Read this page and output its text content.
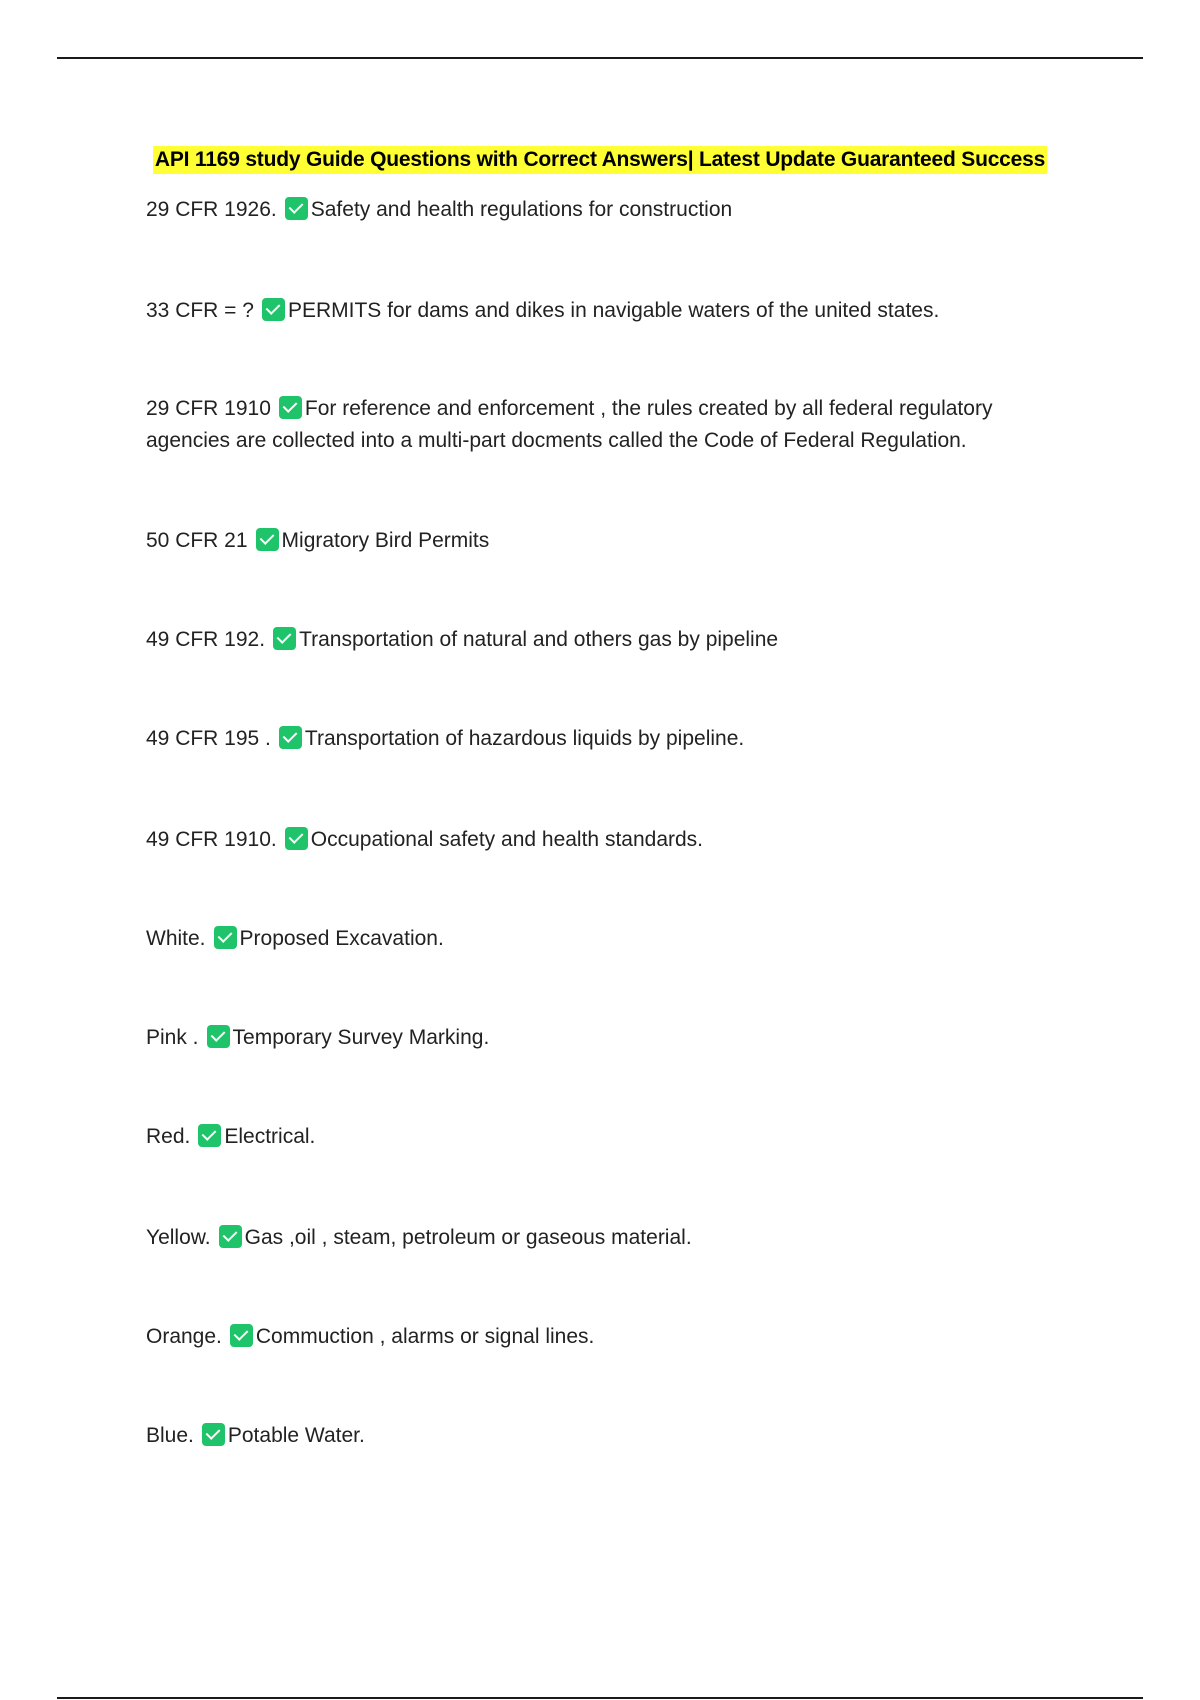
API 1169 study Guide Questions with Correct Answers| Latest Update Guaranteed Success
29 CFR 1926. Safety and health regulations for construction
33 CFR = ? PERMITS for dams and dikes in navigable waters of the united states.
29 CFR 1910 For reference and enforcement , the rules created by all federal regulatory agencies are collected into a multi-part docments called the Code of Federal Regulation.
50 CFR 21 Migratory Bird Permits
49 CFR 192. Transportation of natural and others gas by pipeline
49 CFR 195 . Transportation of hazardous liquids by pipeline.
49 CFR 1910. Occupational safety and health standards.
White. Proposed Excavation.
Pink . Temporary Survey Marking.
Red. Electrical.
Yellow. Gas ,oil , steam, petroleum or gaseous material.
Orange. Commuction , alarms or signal lines.
Blue. Potable Water.
